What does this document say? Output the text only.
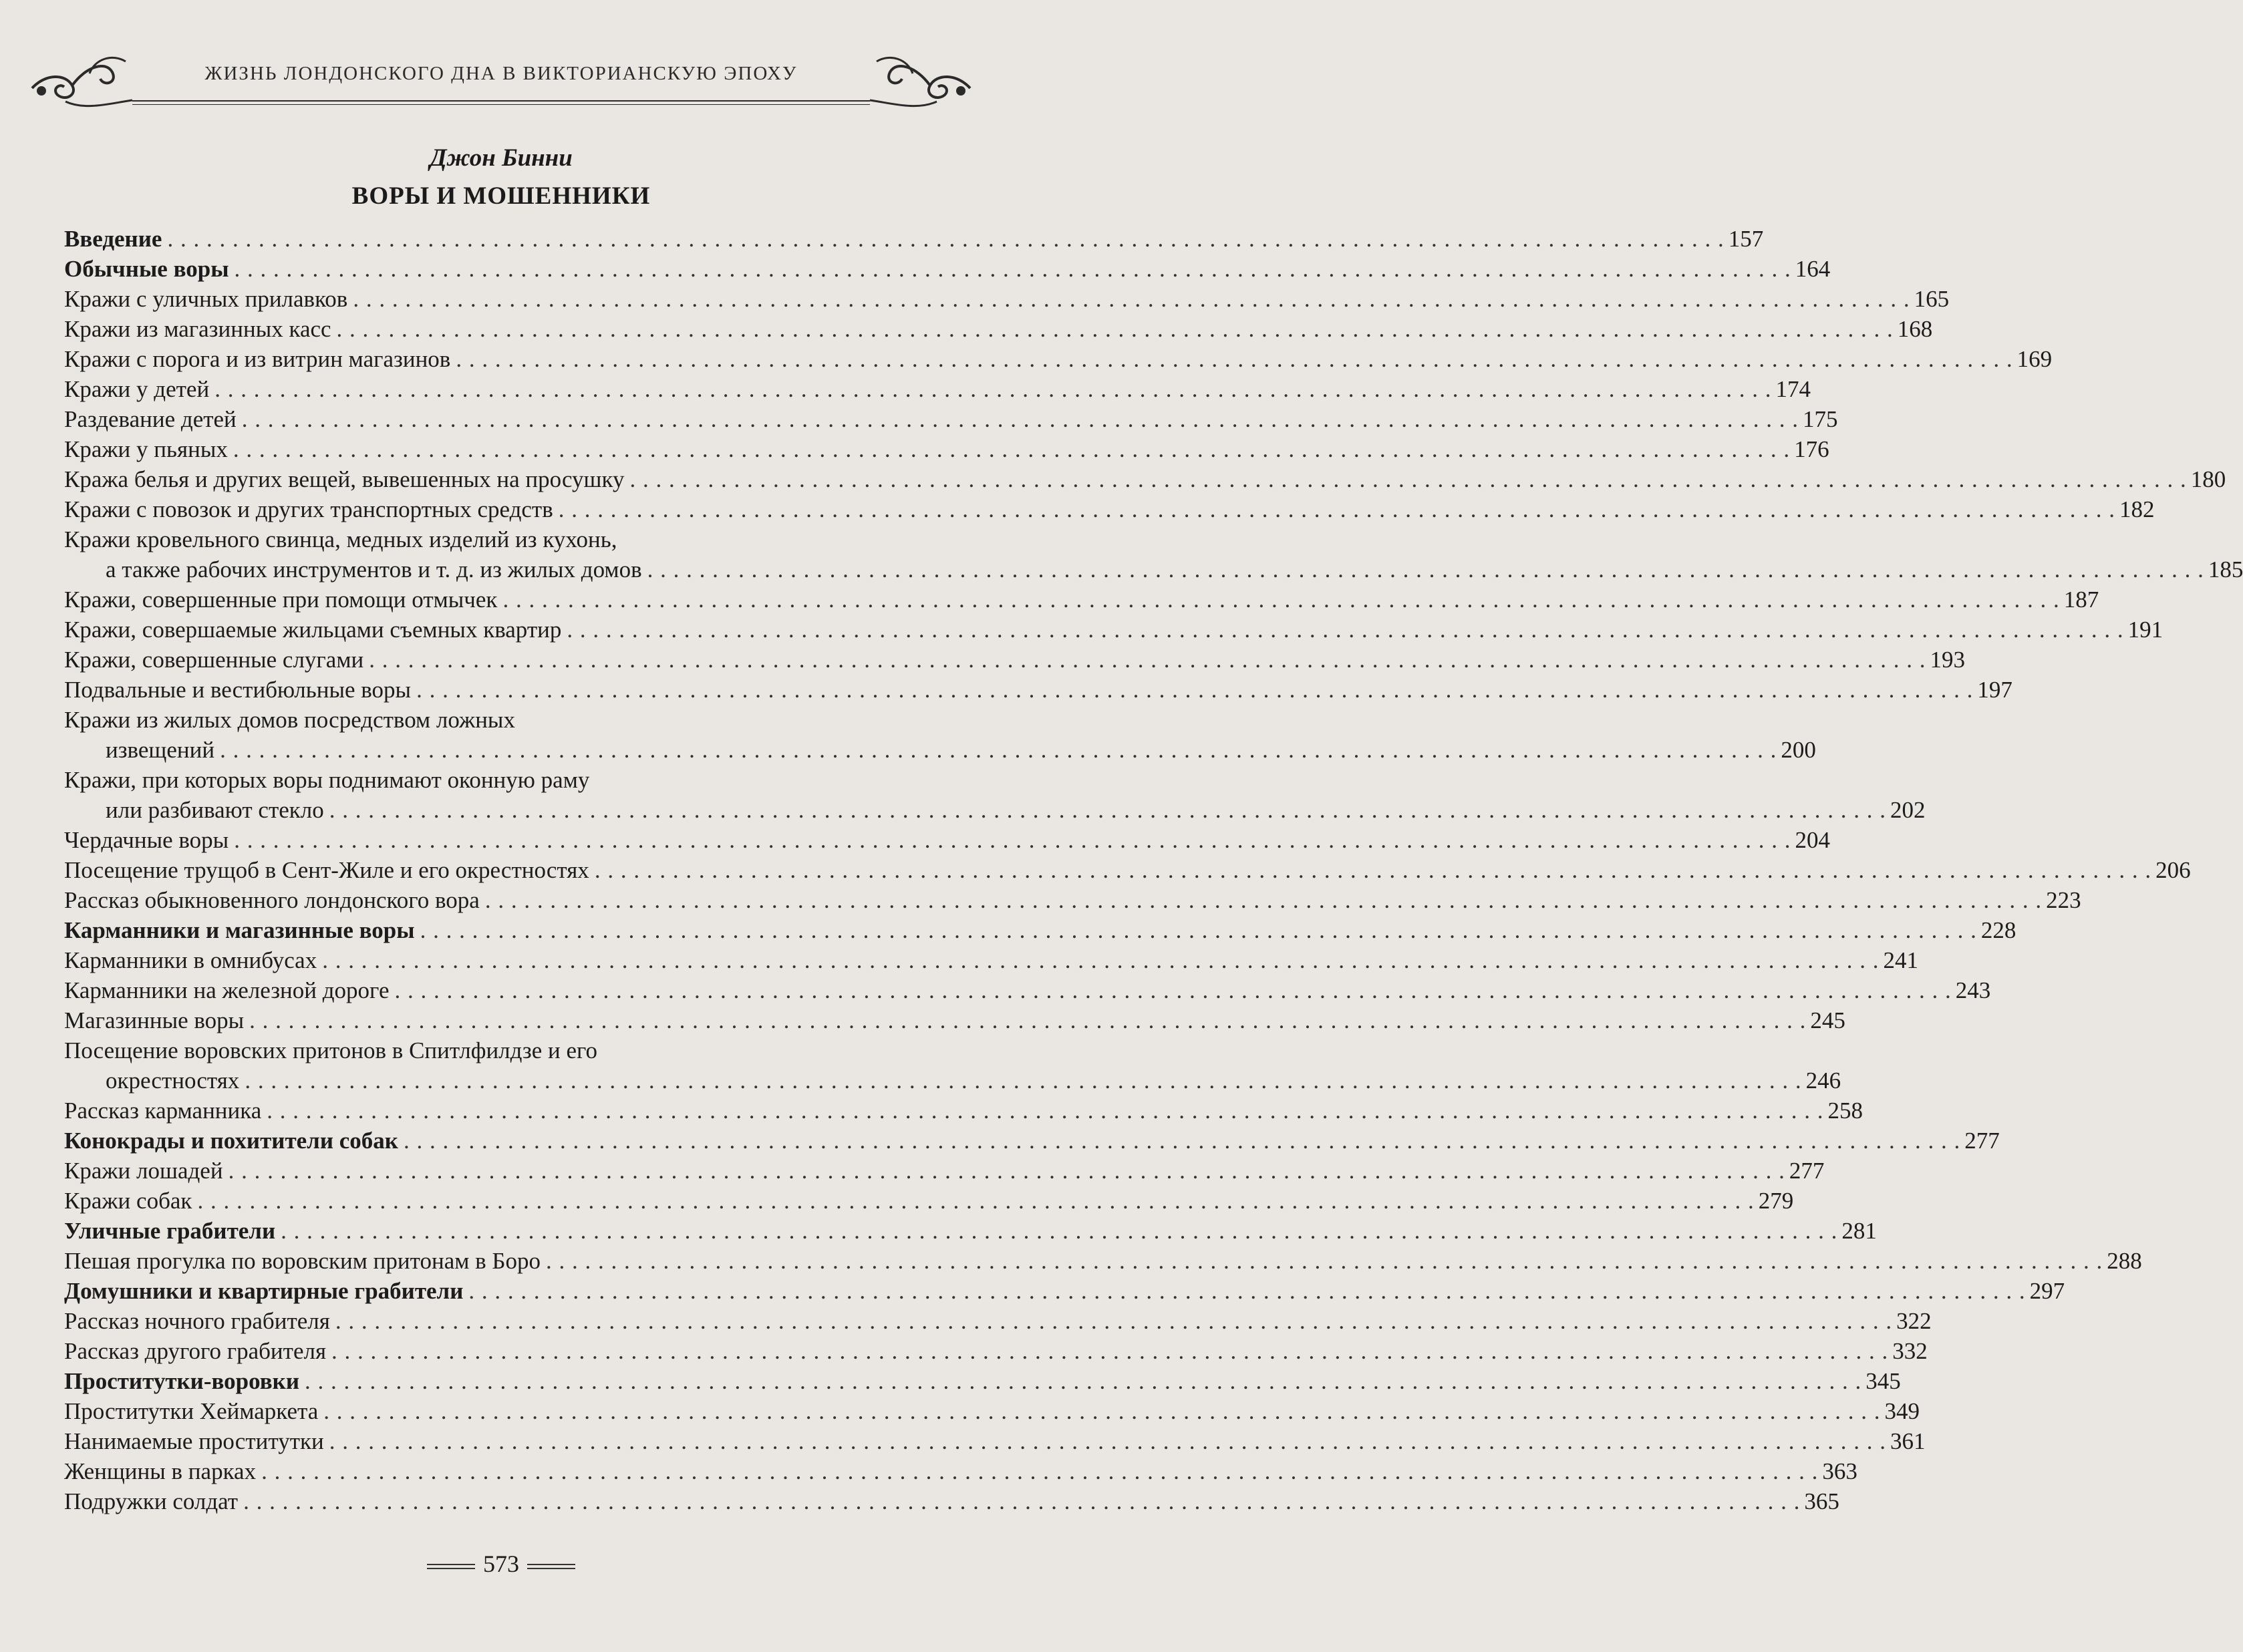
ЖИЗНЬ ЛОНДОНСКОГО ДНА В ВИКТОРИАНСКУЮ ЭПОХУ
Джон Бинни
ВОРЫ И МОШЕННИКИ
Введение . . . . . . . . . . . . . . . . . . . . . . . . . . . . . . . . . . . . . . . . . . . . . . . . . . . . . . . . . . . . . . . . . . . . . . . . . . . . . . . . . . . . . . . . . . . . . . . . . . . . . . . . . . . . . . . . . . . . . . . . 157
Обычные воры . . . . . . . . . . . . . . . . . . . . . . . . . . . . . . . . . . . . . . . . . . . . . . . . . . . . . . . . . . . . . . . . . . . . . . . . . . . . . . . . . . . . . . . . . . . . . . . . . . . . . . . . . . . . . . . . . . . . . . . . 164
Кражи с уличных прилавков . . . . . . . . . . . . . . . . . . . . . . . . . . . . . . . . . . . . . . . . . . . . . . . . . . . . . . . . . . . . . . . . . . . . . . . . . . . . . . . . . . . . . . . . . . . . . . . . . . . . . . . . . . . . . . . . . . . . . . . . 165
Кражи из магазинных касс . . . . . . . . . . . . . . . . . . . . . . . . . . . . . . . . . . . . . . . . . . . . . . . . . . . . . . . . . . . . . . . . . . . . . . . . . . . . . . . . . . . . . . . . . . . . . . . . . . . . . . . . . . . . . . . . . . . . . . . . 168
Кражи с порога и из витрин магазинов . . . . . . . . . . . . . . . . . . . . . . . . . . . . . . . . . . . . . . . . . . . . . . . . . . . . . . . . . . . . . . . . . . . . . . . . . . . . . . . . . . . . . . . . . . . . . . . . . . . . . . . . . . . . . . . . . . . . . . . . 169
Кражи у детей . . . . . . . . . . . . . . . . . . . . . . . . . . . . . . . . . . . . . . . . . . . . . . . . . . . . . . . . . . . . . . . . . . . . . . . . . . . . . . . . . . . . . . . . . . . . . . . . . . . . . . . . . . . . . . . . . . . . . . . . 174
Раздевание детей . . . . . . . . . . . . . . . . . . . . . . . . . . . . . . . . . . . . . . . . . . . . . . . . . . . . . . . . . . . . . . . . . . . . . . . . . . . . . . . . . . . . . . . . . . . . . . . . . . . . . . . . . . . . . . . . . . . . . . . . 175
Кражи у пьяных . . . . . . . . . . . . . . . . . . . . . . . . . . . . . . . . . . . . . . . . . . . . . . . . . . . . . . . . . . . . . . . . . . . . . . . . . . . . . . . . . . . . . . . . . . . . . . . . . . . . . . . . . . . . . . . . . . . . . . . . 176
Кража белья и других вещей, вывешенных на просушку . . . . . . . . . . . . . . . . . . . . . . . . . . . . . . . . . . . . . . . . . . . . . . . . . . . . . . . . . . . . . . . . . . . . . . . . . . . . . . . . . . . . . . . . . . . . . . . . . . . . . . . . . . . . . . . . . . . . . . . . 180
Кражи с повозок и других транспортных средств . . . . . . . . . . . . . . . . . . . . . . . . . . . . . . . . . . . . . . . . . . . . . . . . . . . . . . . . . . . . . . . . . . . . . . . . . . . . . . . . . . . . . . . . . . . . . . . . . . . . . . . . . . . . . . . . . . . . . . . . 182
Кражи кровельного свинца, медных изделий из кухонь,
а также рабочих инструментов и т. д. из жилых домов . . . . . . . . . . . . . . . . . . . . . . . . . . . . . . . . . . . . . . . . . . . . . . . . . . . . . . . . . . . . . . . . . . . . . . . . . . . . . . . . . . . . . . . . . . . . . . . . . . . . . . . . . . . . . . . . . . . . . . . . 185
Кражи, совершенные при помощи отмычек . . . . . . . . . . . . . . . . . . . . . . . . . . . . . . . . . . . . . . . . . . . . . . . . . . . . . . . . . . . . . . . . . . . . . . . . . . . . . . . . . . . . . . . . . . . . . . . . . . . . . . . . . . . . . . . . . . . . . . . . 187
Кражи, совершаемые жильцами съемных квартир . . . . . . . . . . . . . . . . . . . . . . . . . . . . . . . . . . . . . . . . . . . . . . . . . . . . . . . . . . . . . . . . . . . . . . . . . . . . . . . . . . . . . . . . . . . . . . . . . . . . . . . . . . . . . . . . . . . . . . . . 191
Кражи, совершенные слугами . . . . . . . . . . . . . . . . . . . . . . . . . . . . . . . . . . . . . . . . . . . . . . . . . . . . . . . . . . . . . . . . . . . . . . . . . . . . . . . . . . . . . . . . . . . . . . . . . . . . . . . . . . . . . . . . . . . . . . . . 193
Подвальные и вестибюльные воры . . . . . . . . . . . . . . . . . . . . . . . . . . . . . . . . . . . . . . . . . . . . . . . . . . . . . . . . . . . . . . . . . . . . . . . . . . . . . . . . . . . . . . . . . . . . . . . . . . . . . . . . . . . . . . . . . . . . . . . . 197
Кражи из жилых домов посредством ложных
извещений . . . . . . . . . . . . . . . . . . . . . . . . . . . . . . . . . . . . . . . . . . . . . . . . . . . . . . . . . . . . . . . . . . . . . . . . . . . . . . . . . . . . . . . . . . . . . . . . . . . . . . . . . . . . . . . . . . . . . . . . 200
Кражи, при которых воры поднимают оконную раму
или разбивают стекло . . . . . . . . . . . . . . . . . . . . . . . . . . . . . . . . . . . . . . . . . . . . . . . . . . . . . . . . . . . . . . . . . . . . . . . . . . . . . . . . . . . . . . . . . . . . . . . . . . . . . . . . . . . . . . . . . . . . . . . . 202
Чердачные воры . . . . . . . . . . . . . . . . . . . . . . . . . . . . . . . . . . . . . . . . . . . . . . . . . . . . . . . . . . . . . . . . . . . . . . . . . . . . . . . . . . . . . . . . . . . . . . . . . . . . . . . . . . . . . . . . . . . . . . . . 204
Посещение трущоб в Сент-Жиле и его окрестностях . . . . . . . . . . . . . . . . . . . . . . . . . . . . . . . . . . . . . . . . . . . . . . . . . . . . . . . . . . . . . . . . . . . . . . . . . . . . . . . . . . . . . . . . . . . . . . . . . . . . . . . . . . . . . . . . . . . . . . . . 206
Рассказ обыкновенного лондонского вора . . . . . . . . . . . . . . . . . . . . . . . . . . . . . . . . . . . . . . . . . . . . . . . . . . . . . . . . . . . . . . . . . . . . . . . . . . . . . . . . . . . . . . . . . . . . . . . . . . . . . . . . . . . . . . . . . . . . . . . . 223
Карманники и магазинные воры . . . . . . . . . . . . . . . . . . . . . . . . . . . . . . . . . . . . . . . . . . . . . . . . . . . . . . . . . . . . . . . . . . . . . . . . . . . . . . . . . . . . . . . . . . . . . . . . . . . . . . . . . . . . . . . . . . . . . . . . 228
Карманники в омнибусах . . . . . . . . . . . . . . . . . . . . . . . . . . . . . . . . . . . . . . . . . . . . . . . . . . . . . . . . . . . . . . . . . . . . . . . . . . . . . . . . . . . . . . . . . . . . . . . . . . . . . . . . . . . . . . . . . . . . . . . . 241
Карманники на железной дороге . . . . . . . . . . . . . . . . . . . . . . . . . . . . . . . . . . . . . . . . . . . . . . . . . . . . . . . . . . . . . . . . . . . . . . . . . . . . . . . . . . . . . . . . . . . . . . . . . . . . . . . . . . . . . . . . . . . . . . . . 243
Магазинные воры . . . . . . . . . . . . . . . . . . . . . . . . . . . . . . . . . . . . . . . . . . . . . . . . . . . . . . . . . . . . . . . . . . . . . . . . . . . . . . . . . . . . . . . . . . . . . . . . . . . . . . . . . . . . . . . . . . . . . . . . 245
Посещение воровских притонов в Спитлфилдзе и его
окрестностях . . . . . . . . . . . . . . . . . . . . . . . . . . . . . . . . . . . . . . . . . . . . . . . . . . . . . . . . . . . . . . . . . . . . . . . . . . . . . . . . . . . . . . . . . . . . . . . . . . . . . . . . . . . . . . . . . . . . . . . . 246
Рассказ карманника . . . . . . . . . . . . . . . . . . . . . . . . . . . . . . . . . . . . . . . . . . . . . . . . . . . . . . . . . . . . . . . . . . . . . . . . . . . . . . . . . . . . . . . . . . . . . . . . . . . . . . . . . . . . . . . . . . . . . . . . 258
Конокрады и похитители собак . . . . . . . . . . . . . . . . . . . . . . . . . . . . . . . . . . . . . . . . . . . . . . . . . . . . . . . . . . . . . . . . . . . . . . . . . . . . . . . . . . . . . . . . . . . . . . . . . . . . . . . . . . . . . . . . . . . . . . . . 277
Кражи лошадей . . . . . . . . . . . . . . . . . . . . . . . . . . . . . . . . . . . . . . . . . . . . . . . . . . . . . . . . . . . . . . . . . . . . . . . . . . . . . . . . . . . . . . . . . . . . . . . . . . . . . . . . . . . . . . . . . . . . . . . . 277
Кражи собак . . . . . . . . . . . . . . . . . . . . . . . . . . . . . . . . . . . . . . . . . . . . . . . . . . . . . . . . . . . . . . . . . . . . . . . . . . . . . . . . . . . . . . . . . . . . . . . . . . . . . . . . . . . . . . . . . . . . . . . . 279
Уличные грабители . . . . . . . . . . . . . . . . . . . . . . . . . . . . . . . . . . . . . . . . . . . . . . . . . . . . . . . . . . . . . . . . . . . . . . . . . . . . . . . . . . . . . . . . . . . . . . . . . . . . . . . . . . . . . . . . . . . . . . . . 281
Пешая прогулка по воровским притонам в Боро . . . . . . . . . . . . . . . . . . . . . . . . . . . . . . . . . . . . . . . . . . . . . . . . . . . . . . . . . . . . . . . . . . . . . . . . . . . . . . . . . . . . . . . . . . . . . . . . . . . . . . . . . . . . . . . . . . . . . . . . 288
Домушники и квартирные грабители . . . . . . . . . . . . . . . . . . . . . . . . . . . . . . . . . . . . . . . . . . . . . . . . . . . . . . . . . . . . . . . . . . . . . . . . . . . . . . . . . . . . . . . . . . . . . . . . . . . . . . . . . . . . . . . . . . . . . . . . 297
Рассказ ночного грабителя . . . . . . . . . . . . . . . . . . . . . . . . . . . . . . . . . . . . . . . . . . . . . . . . . . . . . . . . . . . . . . . . . . . . . . . . . . . . . . . . . . . . . . . . . . . . . . . . . . . . . . . . . . . . . . . . . . . . . . . . 322
Рассказ другого грабителя . . . . . . . . . . . . . . . . . . . . . . . . . . . . . . . . . . . . . . . . . . . . . . . . . . . . . . . . . . . . . . . . . . . . . . . . . . . . . . . . . . . . . . . . . . . . . . . . . . . . . . . . . . . . . . . . . . . . . . . . 332
Проститутки-воровки . . . . . . . . . . . . . . . . . . . . . . . . . . . . . . . . . . . . . . . . . . . . . . . . . . . . . . . . . . . . . . . . . . . . . . . . . . . . . . . . . . . . . . . . . . . . . . . . . . . . . . . . . . . . . . . . . . . . . . . . 345
Проститутки Хеймаркета . . . . . . . . . . . . . . . . . . . . . . . . . . . . . . . . . . . . . . . . . . . . . . . . . . . . . . . . . . . . . . . . . . . . . . . . . . . . . . . . . . . . . . . . . . . . . . . . . . . . . . . . . . . . . . . . . . . . . . . . 349
Нанимаемые проститутки . . . . . . . . . . . . . . . . . . . . . . . . . . . . . . . . . . . . . . . . . . . . . . . . . . . . . . . . . . . . . . . . . . . . . . . . . . . . . . . . . . . . . . . . . . . . . . . . . . . . . . . . . . . . . . . . . . . . . . . . 361
Женщины в парках . . . . . . . . . . . . . . . . . . . . . . . . . . . . . . . . . . . . . . . . . . . . . . . . . . . . . . . . . . . . . . . . . . . . . . . . . . . . . . . . . . . . . . . . . . . . . . . . . . . . . . . . . . . . . . . . . . . . . . . . 363
Подружки солдат . . . . . . . . . . . . . . . . . . . . . . . . . . . . . . . . . . . . . . . . . . . . . . . . . . . . . . . . . . . . . . . . . . . . . . . . . . . . . . . . . . . . . . . . . . . . . . . . . . . . . . . . . . . . . . . . . . . . . . . . 365
573
